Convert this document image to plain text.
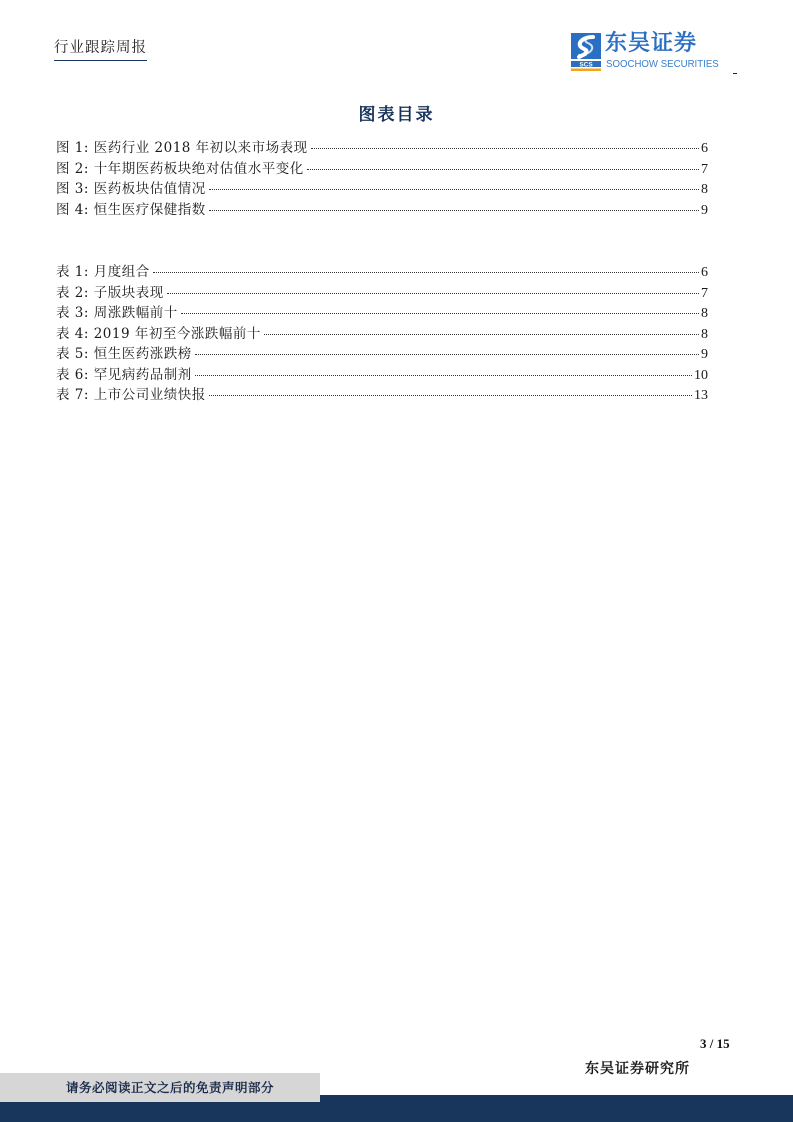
行业跟踪周报
SCS
东吴证券
SOOCHOW SECURITIES
图表目录
图 1: 医药行业 2018 年初以来市场表现	6
图 2: 十年期医药板块绝对估值水平变化	7
图 3: 医药板块估值情况	8
图 4: 恒生医疗保健指数	9
表 1: 月度组合	6
表 2: 子版块表现	7
表 3: 周涨跌幅前十	8
表 4: 2019 年初至今涨跌幅前十	8
表 5: 恒生医药涨跌榜	9
表 6: 罕见病药品制剂	10
表 7: 上市公司业绩快报	13
3 / 15
东吴证券研究所
请务必阅读正文之后的免责声明部分
